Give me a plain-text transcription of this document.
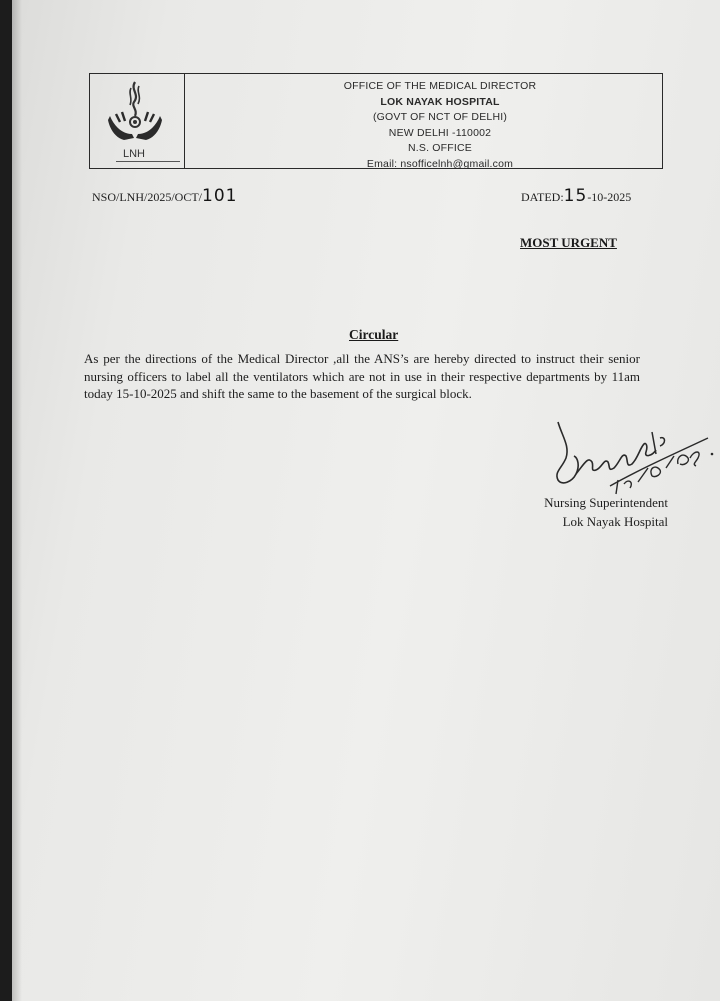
LNH
OFFICE OF THE MEDICAL DIRECTOR
LOK NAYAK HOSPITAL
(GOVT OF NCT OF DELHI)
NEW DELHI -110002
N.S. OFFICE
Email: nsofficelnh@gmail.com
NSO/LNH/2025/OCT/101	DATED:15-10-2025
MOST URGENT
Circular
As per the directions of the Medical Director ,all the ANS’s are hereby directed to instruct their senior nursing officers to label all the ventilators which are not in use in their respective departments by 11am today 15-10-2025 and shift the same to the basement of the surgical block.
Nursing Superintendent
Lok Nayak Hospital
